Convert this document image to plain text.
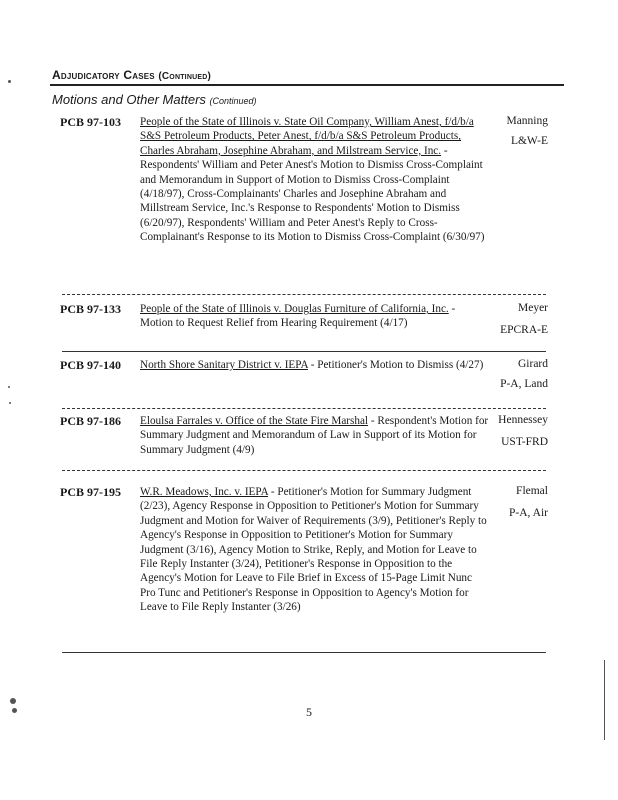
Adjudicatory Cases (Continued)
Motions and Other Matters (Continued)
PCB 97-103	People of the State of Illinois v. State Oil Company, William Anest, f/d/b/a S&S Petroleum Products, Peter Anest, f/d/b/a S&S Petroleum Products, Charles Abraham, Josephine Abraham, and Milstream Service, Inc. - Respondents' William and Peter Anest's Motion to Dismiss Cross-Complaint and Memorandum in Support of Motion to Dismiss Cross-Complaint (4/18/97), Cross-Complainants' Charles and Josephine Abraham and Millstream Service, Inc.'s Response to Respondents' Motion to Dismiss (6/20/97), Respondents' William and Peter Anest's Reply to Cross-Complainant's Response to its Motion to Dismiss Cross-Complaint (6/30/97)
Manning
L&W-E
PCB 97-133	People of the State of Illinois v. Douglas Furniture of California, Inc. - Motion to Request Relief from Hearing Requirement (4/17)
Meyer
EPCRA-E
PCB 97-140	North Shore Sanitary District v. IEPA - Petitioner's Motion to Dismiss (4/27)	Girard
P-A, Land
PCB 97-186	Eloulsa Farrales v. Office of the State Fire Marshal - Respondent's Motion for Summary Judgment and Memorandum of Law in Support of its Motion for Summary Judgment (4/9)
Hennessey
UST-FRD
PCB 97-195	W.R. Meadows, Inc. v. IEPA - Petitioner's Motion for Summary Judgment (2/23), Agency Response in Opposition to Petitioner's Motion for Summary Judgment and Motion for Waiver of Requirements (3/9), Petitioner's Reply to Agency's Response in Opposition to Petitioner's Motion for Summary Judgment (3/16), Agency Motion to Strike, Reply, and Motion for Leave to File Reply Instanter (3/24), Petitioner's Response in Opposition to the Agency's Motion for Leave to File Brief in Excess of 15-Page Limit Nunc Pro Tunc and Petitioner's Response in Opposition to Agency's Motion for Leave to File Reply Instanter (3/26)
Flemal
P-A, Air
5
